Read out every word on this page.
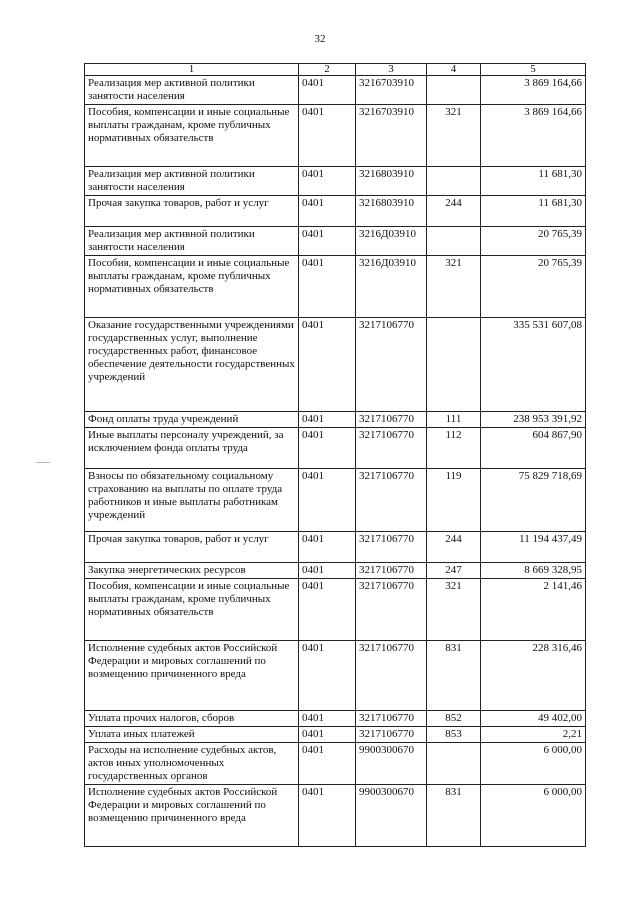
32
1	2	3	4	5
Реализация мер активной политики занятости населения	0401	3216703910		3 869 164,66
Пособия, компенсации и иные социальные выплаты гражданам, кроме публичных нормативных обязательств	0401	3216703910	321	3 869 164,66
Реализация мер активной политики занятости населения	0401	3216803910		11 681,30
Прочая закупка товаров, работ и услуг	0401	3216803910	244	11 681,30
Реализация мер активной политики занятости населения	0401	3216Д03910		20 765,39
Пособия, компенсации и иные социальные выплаты гражданам, кроме публичных нормативных обязательств	0401	3216Д03910	321	20 765,39
Оказание государственными учреждениями государственных услуг, выполнение государственных работ, финансовое обеспечение деятельности государственных учреждений	0401	3217106770		335 531 607,08
Фонд оплаты труда учреждений	0401	3217106770	111	238 953 391,92
Иные выплаты персоналу учреждений, за исключением фонда оплаты труда	0401	3217106770	112	604 867,90
Взносы по обязательному социальному страхованию на выплаты по оплате труда работников и иные выплаты работникам учреждений	0401	3217106770	119	75 829 718,69
Прочая закупка товаров, работ и услуг	0401	3217106770	244	11 194 437,49
Закупка энергетических ресурсов	0401	3217106770	247	8 669 328,95
Пособия, компенсации и иные социальные выплаты гражданам, кроме публичных нормативных обязательств	0401	3217106770	321	2 141,46
Исполнение судебных актов Российской Федерации и мировых соглашений по возмещению причиненного вреда	0401	3217106770	831	228 316,46
Уплата прочих налогов, сборов	0401	3217106770	852	49 402,00
Уплата иных платежей	0401	3217106770	853	2,21
Расходы на исполнение судебных актов, актов иных уполномоченных государственных органов	0401	9900300670		6 000,00
Исполнение судебных актов Российской Федерации и мировых соглашений по возмещению причиненного вреда	0401	9900300670	831	6 000,00
